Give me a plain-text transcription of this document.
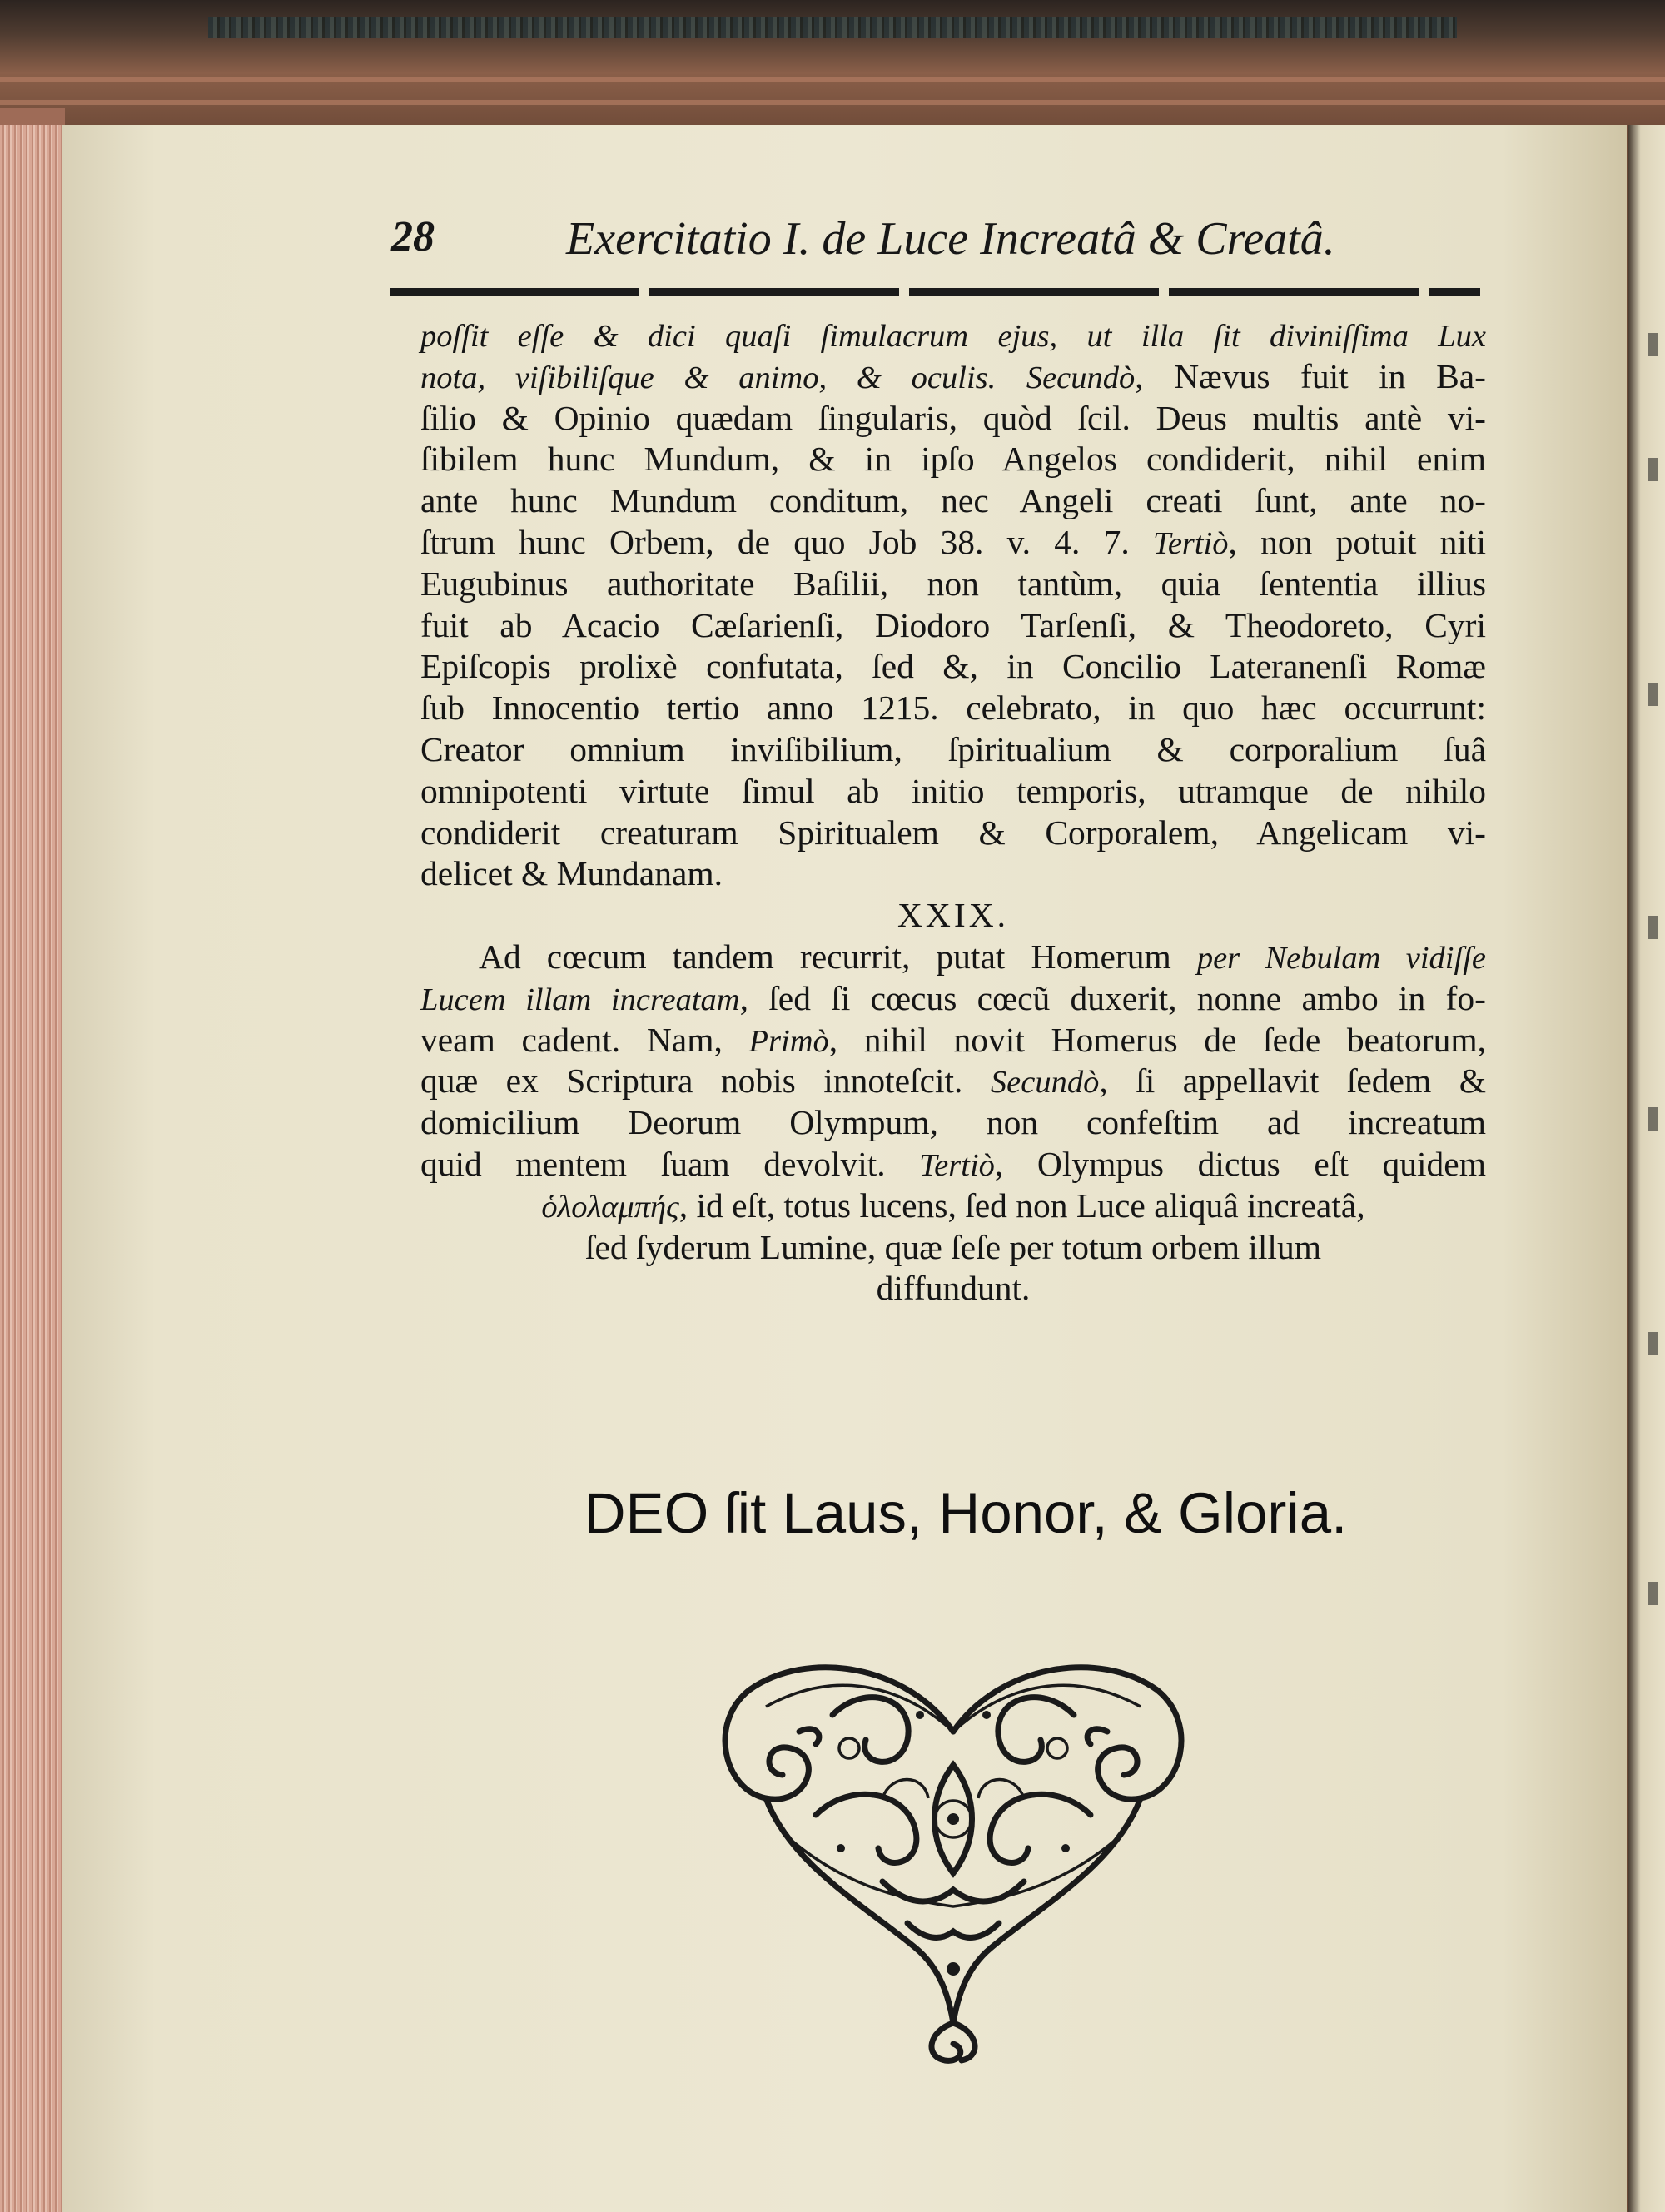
28	Exercitatio I. de Luce Increatâ & Creatâ.
poſſit eſſe & dici quaſi ſimulacrum ejus, ut illa ſit diviniſſima Lux
nota, viſibiliſque & animo, & oculis. Secundò, Nævus fuit in Ba-
ſilio & Opinio quædam ſingularis, quòd ſcil. Deus multis antè vi-
ſibilem hunc Mundum, & in ipſo Angelos condiderit, nihil enim
ante hunc Mundum conditum, nec Angeli creati ſunt, ante no-
ſtrum hunc Orbem, de quo Job 38. v. 4. 7. Tertiò, non potuit niti
Eugubinus authoritate Baſilii, non tantùm, quia ſententia illius
fuit ab Acacio Cæſarienſi, Diodoro Tarſenſi, & Theodoreto, Cyri
Epiſcopis prolixè confutata, ſed &, in Concilio Lateranenſi Romæ
ſub Innocentio tertio anno 1215. celebrato, in quo hæc occurrunt:
Creator omnium inviſibilium, ſpiritualium & corporalium ſuâ
omnipotenti virtute ſimul ab initio temporis, utramque de nihilo
condiderit creaturam Spiritualem & Corporalem, Angelicam vi-
delicet & Mundanam.
XXIX.
Ad cœcum tandem recurrit, putat Homerum per Nebulam vidiſſe
Lucem illam increatam, ſed ſi cœcus cœcũ duxerit, nonne ambo in fo-
veam cadent. Nam, Primò, nihil novit Homerus de ſede beatorum,
quæ ex Scriptura nobis innoteſcit. Secundò, ſi appellavit ſedem &
domicilium Deorum Olympum, non confeſtim ad increatum
quid mentem ſuam devolvit. Tertiò, Olympus dictus eſt quidem
ὁλολαμπής, id eſt, totus lucens, ſed non Luce aliquâ increatâ,
ſed ſyderum Lumine, quæ ſeſe per totum orbem illum
diffundunt.
DEO ſit Laus, Honor, & Gloria.
